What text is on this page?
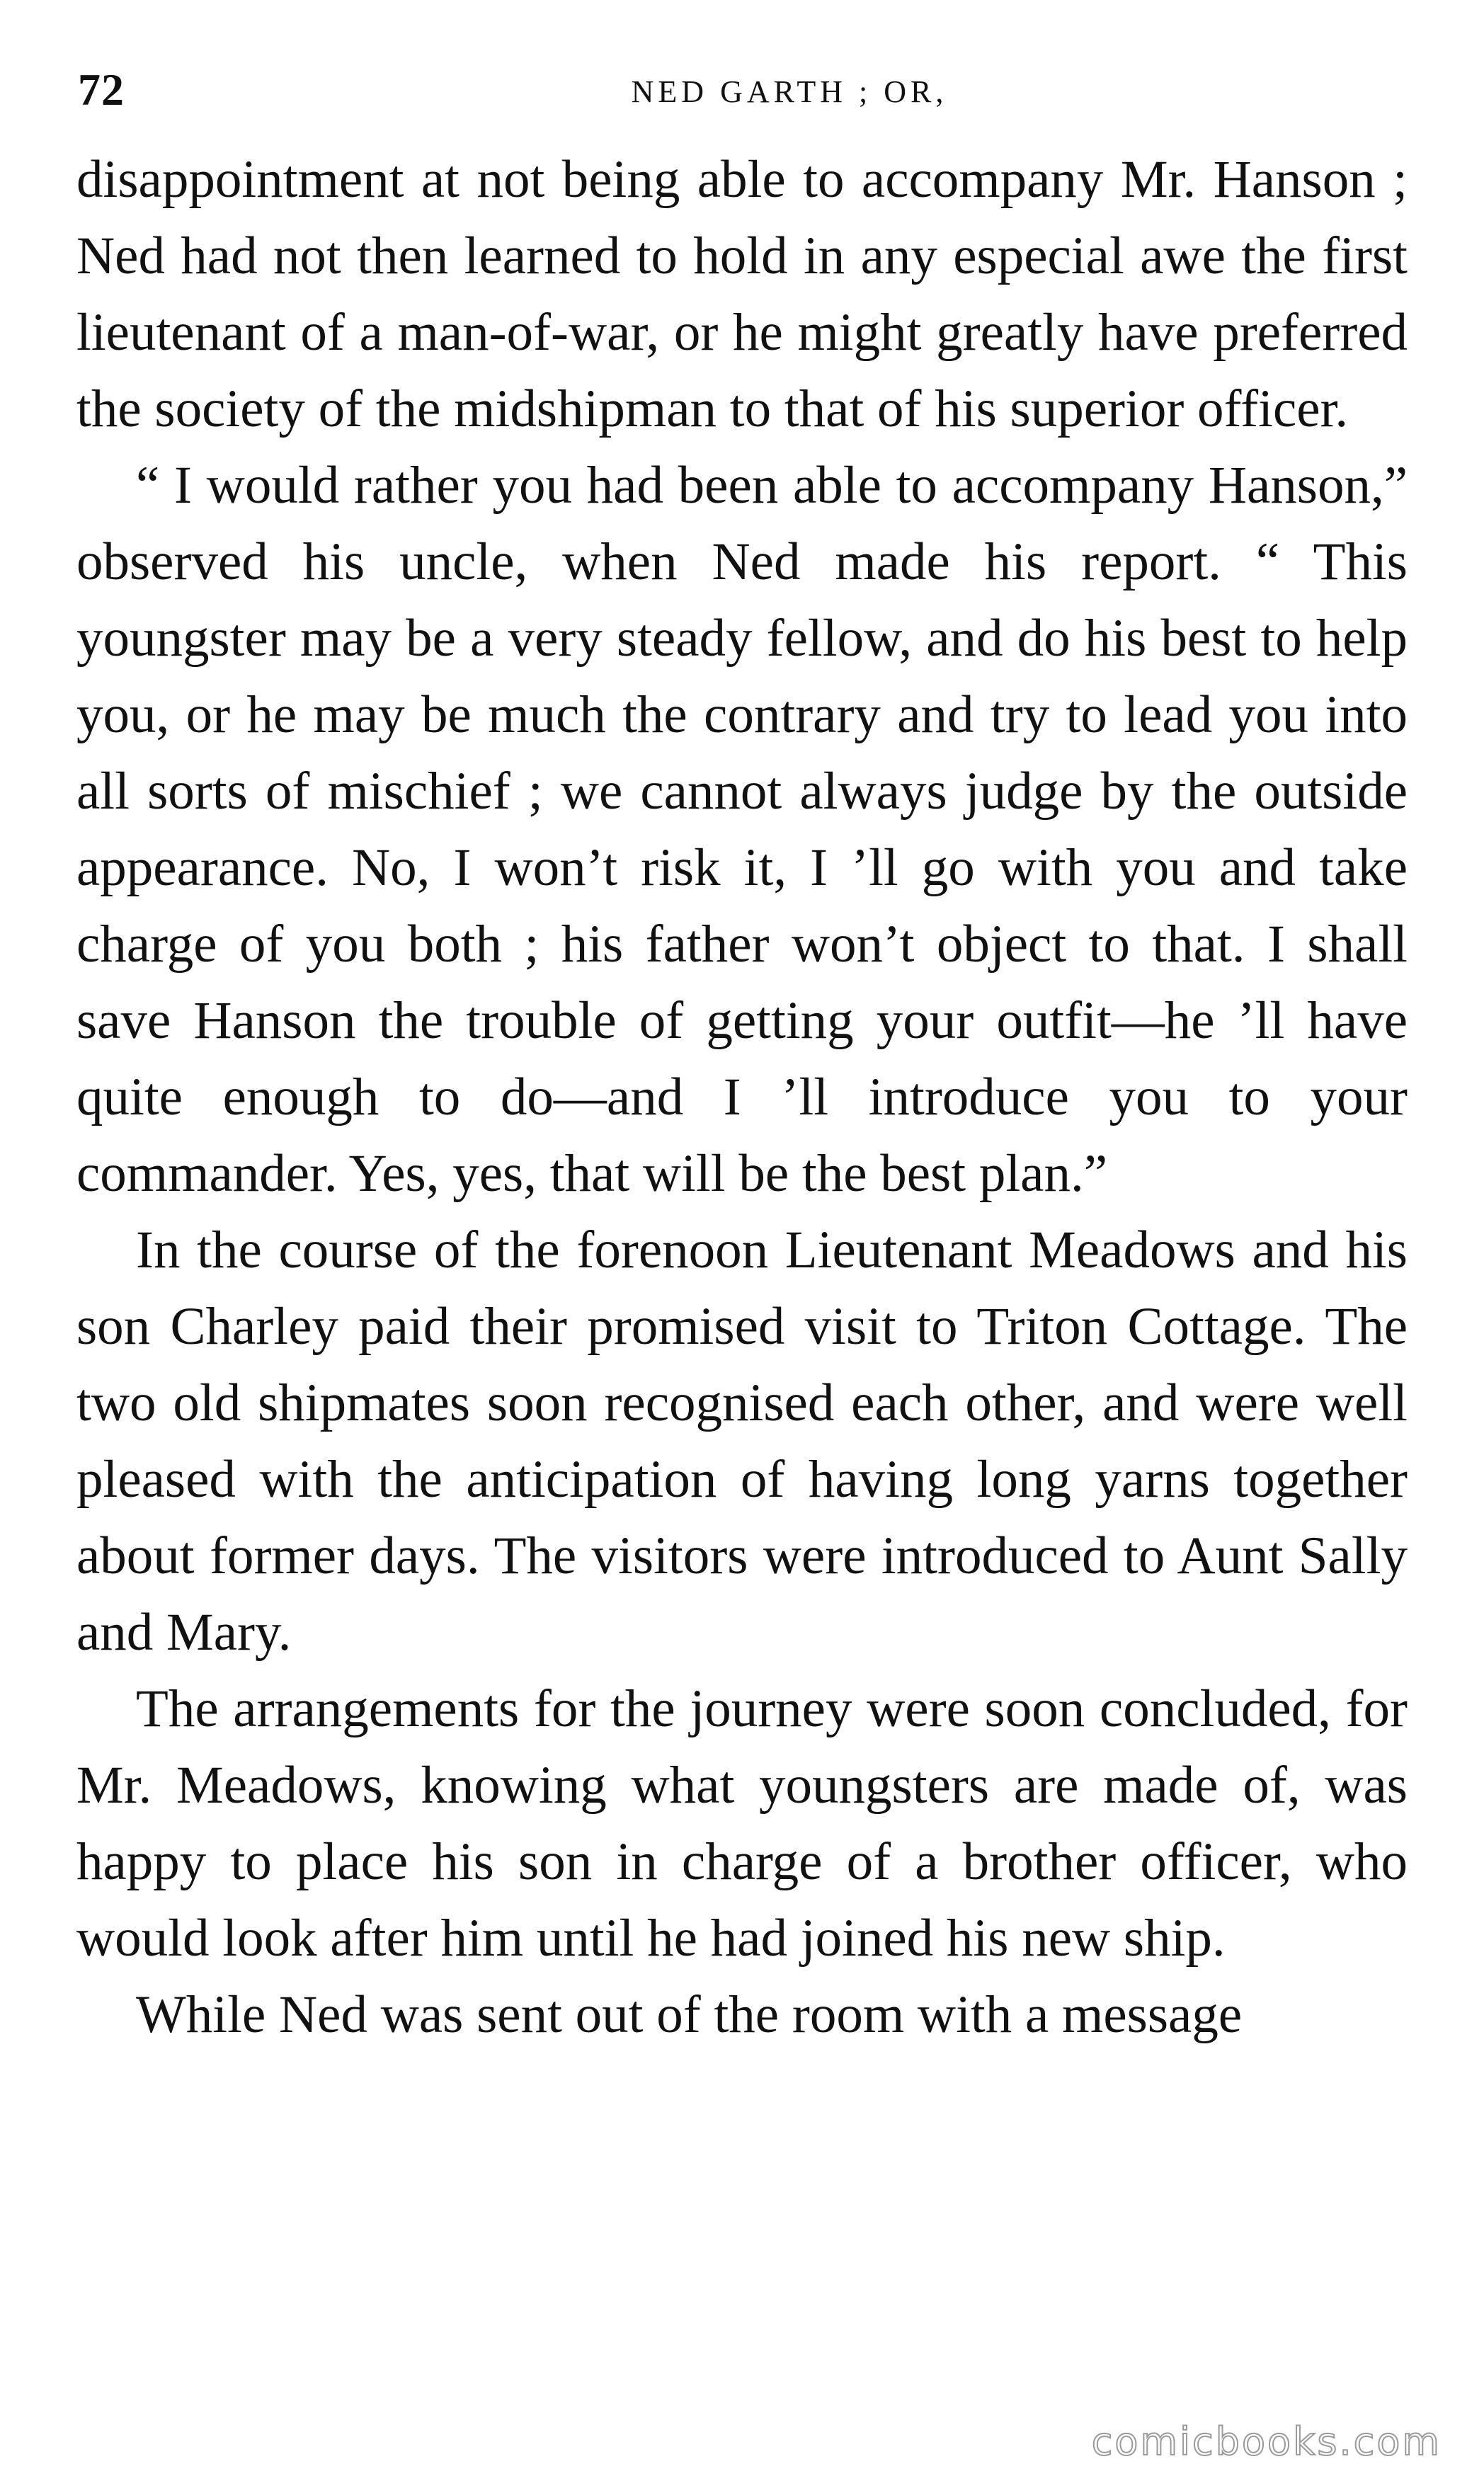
72	NED GARTH ; OR,

disappointment at not being able to accompany Mr. Hanson ; Ned had not then learned to hold in any especial awe the first lieutenant of a man-of-war, or he might greatly have preferred the society of the midshipman to that of his superior officer.

“ I would rather you had been able to accompany Hanson,” observed his uncle, when Ned made his report. “ This youngster may be a very steady fellow, and do his best to help you, or he may be much the contrary and try to lead you into all sorts of mischief ; we cannot always judge by the outside appearance. No, I won’t risk it, I ’ll go with you and take charge of you both ; his father won’t object to that. I shall save Hanson the trouble of getting your outfit—he ’ll have quite enough to do—and I ’ll introduce you to your commander. Yes, yes, that will be the best plan.”

In the course of the forenoon Lieutenant Meadows and his son Charley paid their promised visit to Triton Cottage. The two old shipmates soon recognised each other, and were well pleased with the anticipation of having long yarns together about former days. The visitors were introduced to Aunt Sally and Mary.

The arrangements for the journey were soon concluded, for Mr. Meadows, knowing what youngsters are made of, was happy to place his son in charge of a brother officer, who would look after him until he had joined his new ship.

While Ned was sent out of the room with a message

comicbooks.com
